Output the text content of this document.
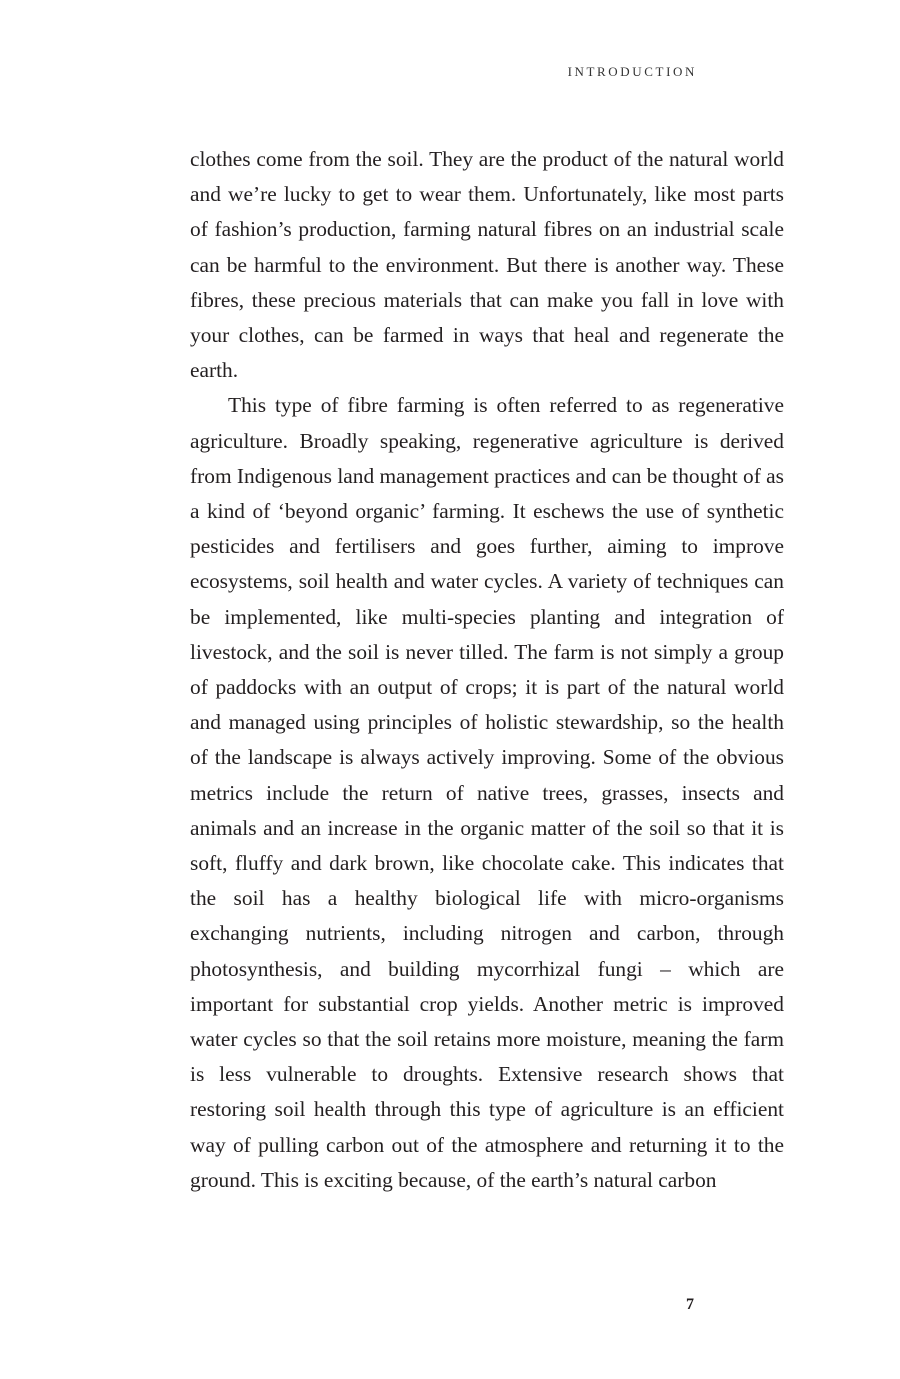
INTRODUCTION

clothes come from the soil. They are the product of the natural world and we’re lucky to get to wear them. Unfortunately, like most parts of fashion’s production, farming natural fibres on an industrial scale can be harmful to the environment. But there is another way. These fibres, these precious materials that can make you fall in love with your clothes, can be farmed in ways that heal and regenerate the earth.

This type of fibre farming is often referred to as regenerative agriculture. Broadly speaking, regenerative agriculture is derived from Indigenous land management practices and can be thought of as a kind of ‘beyond organic’ farming. It eschews the use of synthetic pesticides and fertilisers and goes further, aiming to improve ecosystems, soil health and water cycles. A variety of techniques can be implemented, like multi-species planting and integration of livestock, and the soil is never tilled. The farm is not simply a group of paddocks with an output of crops; it is part of the natural world and managed using principles of holistic stewardship, so the health of the landscape is always actively improving. Some of the obvious metrics include the return of native trees, grasses, insects and animals and an increase in the organic matter of the soil so that it is soft, fluffy and dark brown, like chocolate cake. This indicates that the soil has a healthy biological life with micro-organisms exchanging nutrients, including nitrogen and carbon, through photosynthesis, and building mycorrhizal fungi – which are important for substantial crop yields. Another metric is improved water cycles so that the soil retains more moisture, meaning the farm is less vulnerable to droughts. Extensive research shows that restoring soil health through this type of agriculture is an efficient way of pulling carbon out of the atmosphere and returning it to the ground. This is exciting because, of the earth’s natural carbon

7
